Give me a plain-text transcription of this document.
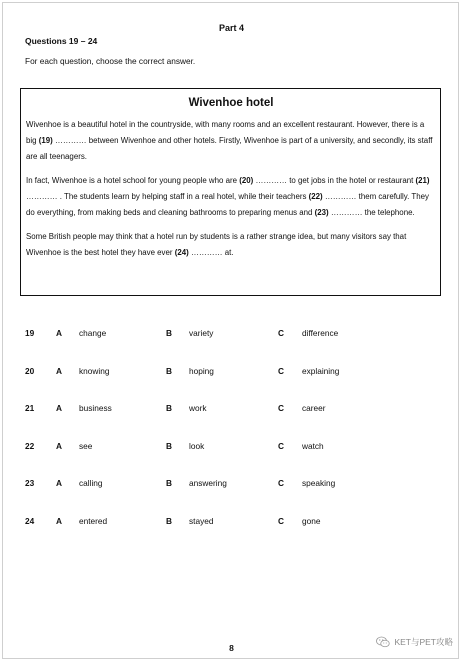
Part 4
Questions 19 – 24
For each question, choose the correct answer.
Wivenhoe hotel

Wivenhoe is a beautiful hotel in the countryside, with many rooms and an excellent restaurant. However, there is a big (19) ………… between Wivenhoe and other hotels. Firstly, Wivenhoe is part of a university, and secondly, its staff are all teenagers.

In fact, Wivenhoe is a hotel school for young people who are (20) ………… to get jobs in the hotel or restaurant (21) ………… . The students learn by helping staff in a real hotel, while their teachers (22) ………… them carefully. They do everything, from making beds and cleaning bathrooms to preparing menus and (23) ………… the telephone.

Some British people may think that a hotel run by students is a rather strange idea, but many visitors say that Wivenhoe is the best hotel they have ever (24) ………… at.

19	A change	B variety	C difference
20	A knowing	B hoping	C explaining
21	A business	B work	C career
22	A see	B look	C watch
23	A calling	B answering	C speaking
24	A entered	B stayed	C gone
8
KET与PET攻略
